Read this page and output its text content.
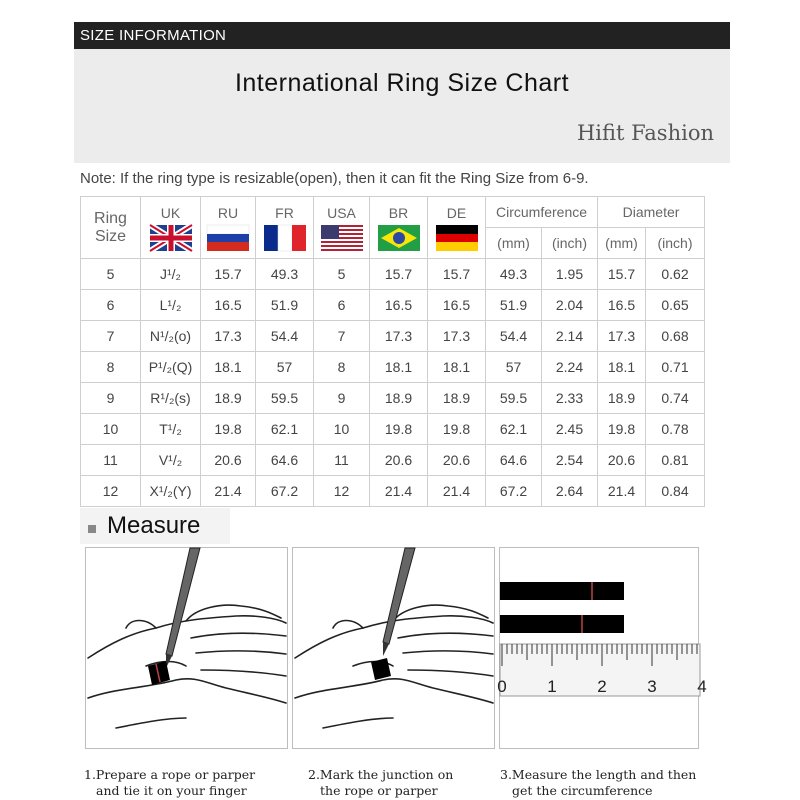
SIZE INFORMATION
International Ring Size Chart
Hifit Fashion
Note: If the ring type is resizable(open), then it can fit the Ring Size from 6-9.
Ring
Size	UK	RU	FR	USA	BR	DE	Circumference		Diameter	
							(mm)	(inch)	(mm)	(inch)
5	J¹/₂	15.7	49.3	5	15.7	15.7	49.3	1.95	15.7	0.62
6	L¹/₂	16.5	51.9	6	16.5	16.5	51.9	2.04	16.5	0.65
7	N¹/₂(o)	17.3	54.4	7	17.3	17.3	54.4	2.14	17.3	0.68
8	P¹/₂(Q)	18.1	57	8	18.1	18.1	57	2.24	18.1	0.71
9	R¹/₂(s)	18.9	59.5	9	18.9	18.9	59.5	2.33	18.9	0.74
10	T¹/₂	19.8	62.1	10	19.8	19.8	62.1	2.45	19.8	0.78
11	V¹/₂	20.6	64.6	11	20.6	20.6	64.6	2.54	20.6	0.81
12	X¹/₂(Y)	21.4	67.2	12	21.4	21.4	67.2	2.64	21.4	0.84
Measure
0 1 2 3 4
1.Prepare a rope or parper
and tie it on your finger
2.Mark the junction on
the rope or parper
3.Measure the length and then
get the circumference
